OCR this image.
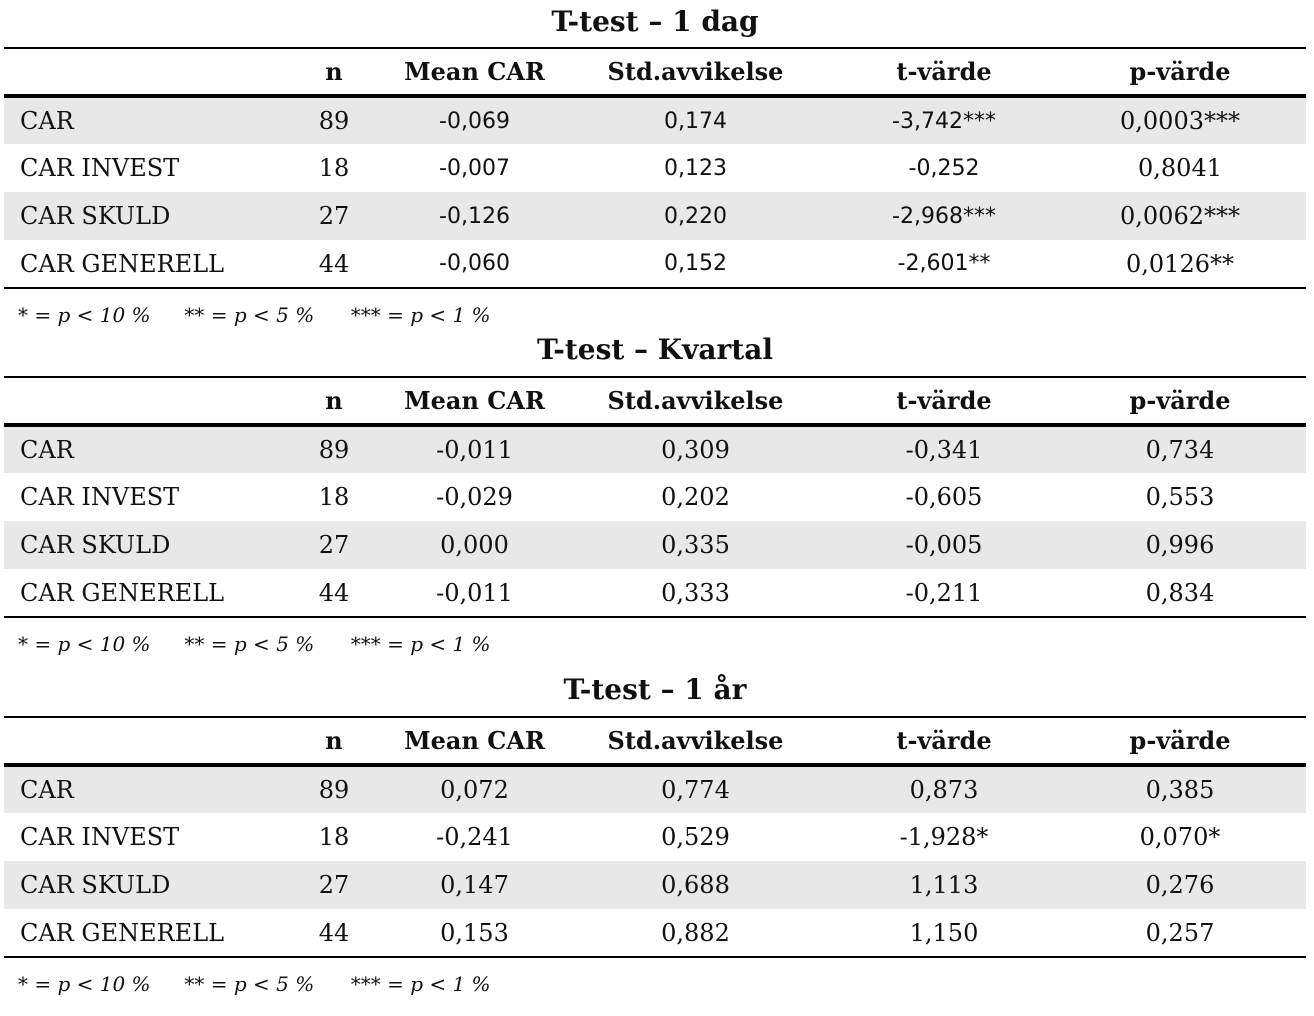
T-test – 1 dag
	n	Mean CAR	Std.avvikelse	t-värde	p-värde
CAR	89	-0,069	0,174	-3,742***	0,0003***
CAR INVEST	18	-0,007	0,123	-0,252	0,8041
CAR SKULD	27	-0,126	0,220	-2,968***	0,0062***
CAR GENERELL	44	-0,060	0,152	-2,601**	0,0126**
* = p < 10 % ** = p < 5 % *** = p < 1 %
T-test – Kvartal
	n	Mean CAR	Std.avvikelse	t-värde	p-värde
CAR	89	-0,011	0,309	-0,341	0,734
CAR INVEST	18	-0,029	0,202	-0,605	0,553
CAR SKULD	27	0,000	0,335	-0,005	0,996
CAR GENERELL	44	-0,011	0,333	-0,211	0,834
* = p < 10 % ** = p < 5 % *** = p < 1 %
T-test – 1 år
	n	Mean CAR	Std.avvikelse	t-värde	p-värde
CAR	89	0,072	0,774	0,873	0,385
CAR INVEST	18	-0,241	0,529	-1,928*	0,070*
CAR SKULD	27	0,147	0,688	1,113	0,276
CAR GENERELL	44	0,153	0,882	1,150	0,257
* = p < 10 % ** = p < 5 % *** = p < 1 %
